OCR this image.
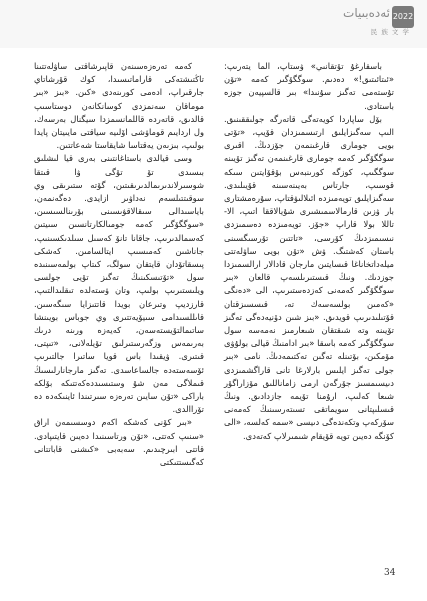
ئەدەبىيات 2022
民 族 文 学

باسقارغۇ تۆتقانىي» ۋستاپ، الما يتەرىپ: «ئىتائىتىق!» دەدىم. سوگگۆگىر كەمە «تۆن تۇستەمى تەگىز سۇنىدا» بىر قالسپيەن جوزە باستادى.

بۆل ساپاردا كويەتەگى قاتەرگە جولىققىنىق. الىپ سەگىزايلىق ارتىسمىزدان قۆيپ، «تۆتى بويى جومارى قارغىنمەن جۆزدىڭ. اقىرى سوگگۆگىر كەمە جومارى قارغىنمەن تەگىز تۆيىنە سوگگىپ، كوزگە كورىنبەس بۆقۆايتىن سىكە قوسىپ، جارتاس بەيىنەسىنە قۆيىلىدى. سەگىزايلىق تويەمىزدە ائىلالىۋقتاپ، سۇرەمشتارى بار ۋزىن قارمالاسمىشىرى شۇيالاققا اتىپ، الا- تاللا بولا قاراپ «جۆز. تويەمىزدە دەسمىزدى نىسىمىزدىڭ كۆرسى، «تاتتىن تۆرسىگسىنى باستان كەشتىگ. ۋش «تۆن بويى ساۋلەتتى ميلەداتخاناغا قىسايتىن مارجان قادالار ارالسمىزدا جوزدىك. ونىڭ قىستىرىلسەپ قالعان «بىر سوگگۆگىر كەمەنى كەزدەستىرىپ، الى «دەنگى «كەمىن بولسەسەك تە، قىسسىزقتان قۆتىلىدىرىپ قويدىق. «بىز شىن دۆنيەدەگى تەگىز تۆيىنە وتە شىقتقان شىعارمىز نەمەسە سول سوگگۆگىر كەمە باسقا «بىر ادامنىڭ قيالى بولۇۋى مۆمكىن، بۆتىنلە تەگىن تەكتىمەدىڭ. نامى «بىر جولى تەگىز ايلىس بارلارغا تانى قاراگشمىزدى دىيسىمسىز جۆرگەن ارمى زاماناللىق مۆزاراگۆر شىعا كەلىپ، ارۇمنا تۆيمە جازدادىق. ونىڭ قىسلىپتانى سويماتقى تسىتەرسىنىڭ كەمەنى سۆركەپ وتكەندەگى دىيسى «سمە كەلسە، «الى كۆنگە دەيىن تويە قۆيقام شىمىرلاپ كەتەدى.

كەمە تەرەزەسىنەن قاپىرشاقتى ساۋلەتتىنا تاڭتىشتەكى قاراماتىسىدا، كوك قۆرشاتاي جارقىراپ، ادەمى كورىنەدى «كىن. «بىز «بىر موماقان سەنمزدى كوسانكانەن دوستاسىپ قالدىق، قاتەردە قاللمانسمزدا سيگنال بەرسەك، ول اردايىم قوماۋشى اۆلىيە سياقتى مايىيتان پايدا بولىپ، بىزىەن يەقتاسا شايقاستا شەعاتتىن.

وسى قيالدى باستاغانتىنى بەرى قيا لىشلىق بىسىدى تۆ تۆگى ۋا قىتقا شوسىرلاندىرىمالدىرىقىتىن، گۆتە ستىرىقى وي سوقىتتىلسەم نەداۋىر ازايدى. دەگەنمەن، باياسىدالى سىقالاقۋىسىنى بۆرىنالسىسىن، «سوگگۆگىر كەمە جومىالكارتانسىن سىيتىن كەسمالدىرىپ، جاقانا تانۆ كەسىل سىلدىكسىنىپ، جاناشىن كەمىسىپ ايتالسامىن. كەشكى پىسقاتۆدان قايتقان سولگ، كىتاپ بولمەسىنىدە سول «تۆتىسكىنىڭ تەگىز تۆيى جولسى ويلىستىرىپ بولىپ، وتان ۋستەلدە تىقلىدالتىپ، قارزديپ وتىرعان بويدا قاتتىزايا سىگەسىن. قاىللسىدامى سىيۆيەتتىرى وي جوباس بويىنشا ساتىمالتۆيستەسەن، كەيەزە ورىنە درىك بەرىمەس وزگەرستىرلىق تۆيلەلانى، «تىپتى، قىتىرى. ۋيقىدا باس قويا ساتىرا جالتىرىپ ئۆسەستەدە جالساعاسدى. تەگىز مارجانارلىسىڭ قىملاگى مەن شۇ وستىسىددەكەتتىكە بۆلكە باراكى «تۆن سايىن تەرەزە سىرتىندا ئاينىكەدە دە تۆراالدى.

«بىر كۆنى كەشكە اكەم دوسسىمەن اراق «سنىپ كەتتى، «تۆن ورتاسىنىدا دەيىن قايتىپادى. قاتتى ابىرچىدىم. سەبەبى «كىشنى قاباتتانى كەگىستتىكتى

34
